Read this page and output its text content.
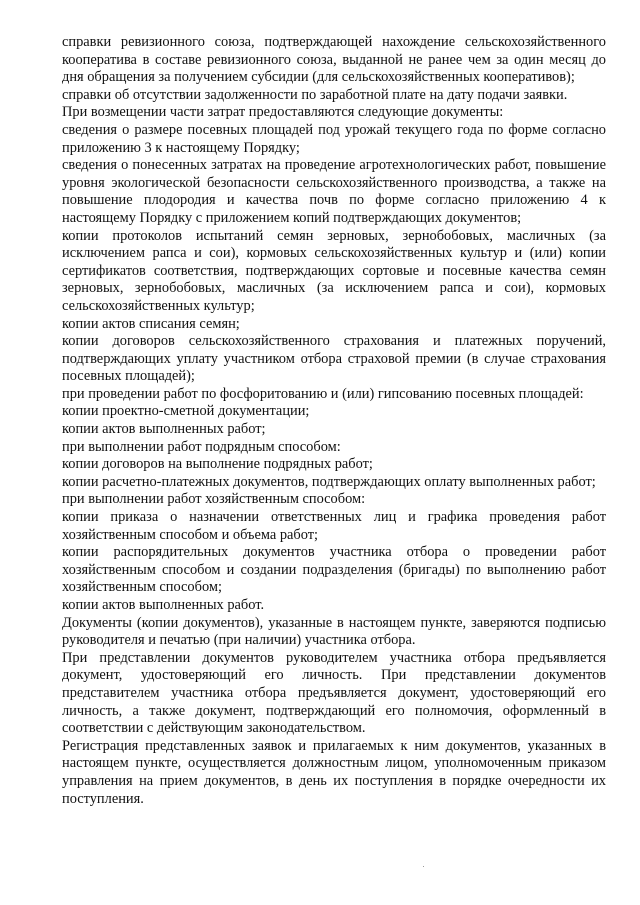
справки ревизионного союза, подтверждающей нахождение сельскохозяйственного кооператива в составе ревизионного союза, выданной не ранее чем за один месяц до дня обращения за получением субсидии (для сельскохозяйственных кооперативов);

справки об отсутствии задолженности по заработной плате на дату подачи заявки.

При возмещении части затрат предоставляются следующие документы:

сведения о размере посевных площадей под урожай текущего года по форме согласно приложению 3 к настоящему Порядку;

сведения о понесенных затратах на проведение агротехнологических работ, повышение уровня экологической безопасности сельскохозяйственного производства, а также на повышение плодородия и качества почв по форме согласно приложению 4 к настоящему Порядку с приложением копий подтверждающих документов;

копии протоколов испытаний семян зерновых, зернобобовых, масличных (за исключением рапса и сои), кормовых сельскохозяйственных культур и (или) копии сертификатов соответствия, подтверждающих сортовые и посевные качества семян зерновых, зернобобовых, масличных (за исключением рапса и сои), кормовых сельскохозяйственных культур;

копии актов списания семян;

копии договоров сельскохозяйственного страхования и платежных поручений, подтверждающих уплату участником отбора страховой премии (в случае страхования посевных площадей);

при проведении работ по фосфоритованию и (или) гипсованию посевных площадей:

копии проектно-сметной документации;

копии актов выполненных работ;

при выполнении работ подрядным способом:

копии договоров на выполнение подрядных работ;

копии расчетно-платежных документов, подтверждающих оплату выполненных работ;

при выполнении работ хозяйственным способом:

копии приказа о назначении ответственных лиц и графика проведения работ хозяйственным способом и объема работ;

копии распорядительных документов участника отбора о проведении работ хозяйственным способом и создании подразделения (бригады) по выполнению работ хозяйственным способом;

копии актов выполненных работ.

Документы (копии документов), указанные в настоящем пункте, заверяются подписью руководителя и печатью (при наличии) участника отбора.

При представлении документов руководителем участника отбора предъявляется документ, удостоверяющий его личность. При представлении документов представителем участника отбора предъявляется документ, удостоверяющий его личность, а также документ, подтверждающий его полномочия, оформленный в соответствии с действующим законодательством.

Регистрация представленных заявок и прилагаемых к ним документов, указанных в настоящем пункте, осуществляется должностным лицом, уполномоченным приказом управления на прием документов, в день их поступления в порядке очередности их поступления.
